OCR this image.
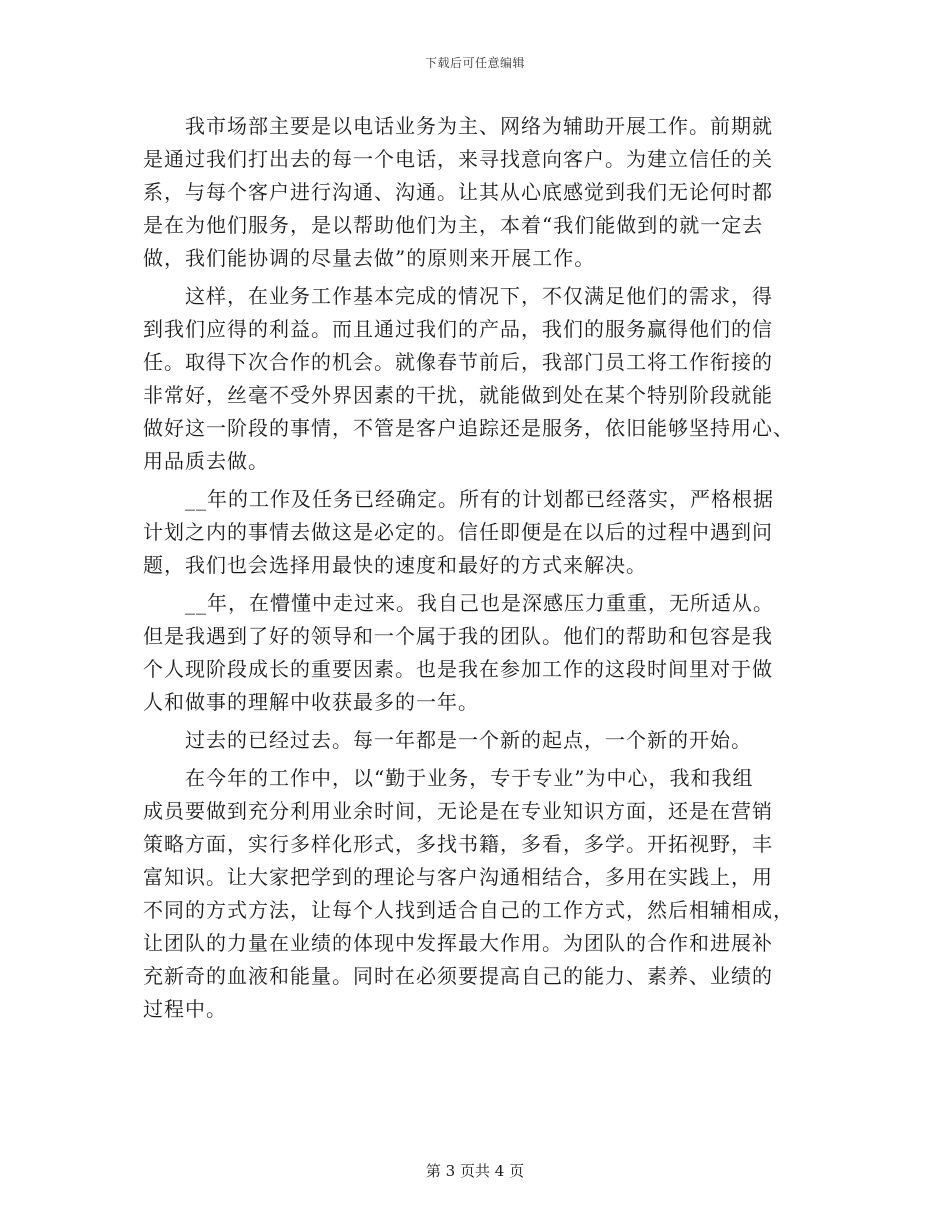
下载后可任意编辑
　　我市场部主要是以电话业务为主、网络为辅助开展工作。前期就
是通过我们打出去的每一个电话，来寻找意向客户。为建立信任的关
系，与每个客户进行沟通、沟通。让其从心底感觉到我们无论何时都
是在为他们服务，是以帮助他们为主，本着“我们能做到的就一定去
做，我们能协调的尽量去做”的原则来开展工作。
　　这样，在业务工作基本完成的情况下，不仅满足他们的需求，得
到我们应得的利益。而且通过我们的产品，我们的服务赢得他们的信
任。取得下次合作的机会。就像春节前后，我部门员工将工作衔接的
非常好，丝毫不受外界因素的干扰，就能做到处在某个特别阶段就能
做好这一阶段的事情，不管是客户追踪还是服务，依旧能够坚持用心、
用品质去做。
　　__年的工作及任务已经确定。所有的计划都已经落实，严格根据
计划之内的事情去做这是必定的。信任即便是在以后的过程中遇到问
题，我们也会选择用最快的速度和最好的方式来解决。
　　__年，在懵懂中走过来。我自己也是深感压力重重，无所适从。
但是我遇到了好的领导和一个属于我的团队。他们的帮助和包容是我
个人现阶段成长的重要因素。也是我在参加工作的这段时间里对于做
人和做事的理解中收获最多的一年。
　　过去的已经过去。每一年都是一个新的起点，一个新的开始。
　　在今年的工作中，以“勤于业务，专于专业”为中心，我和我组
成员要做到充分利用业余时间，无论是在专业知识方面，还是在营销
策略方面，实行多样化形式，多找书籍，多看，多学。开拓视野，丰
富知识。让大家把学到的理论与客户沟通相结合，多用在实践上，用
不同的方式方法，让每个人找到适合自己的工作方式，然后相辅相成，
让团队的力量在业绩的体现中发挥最大作用。为团队的合作和进展补
充新奇的血液和能量。同时在必须要提高自己的能力、素养、业绩的
过程中。
第 3 页共 4 页
